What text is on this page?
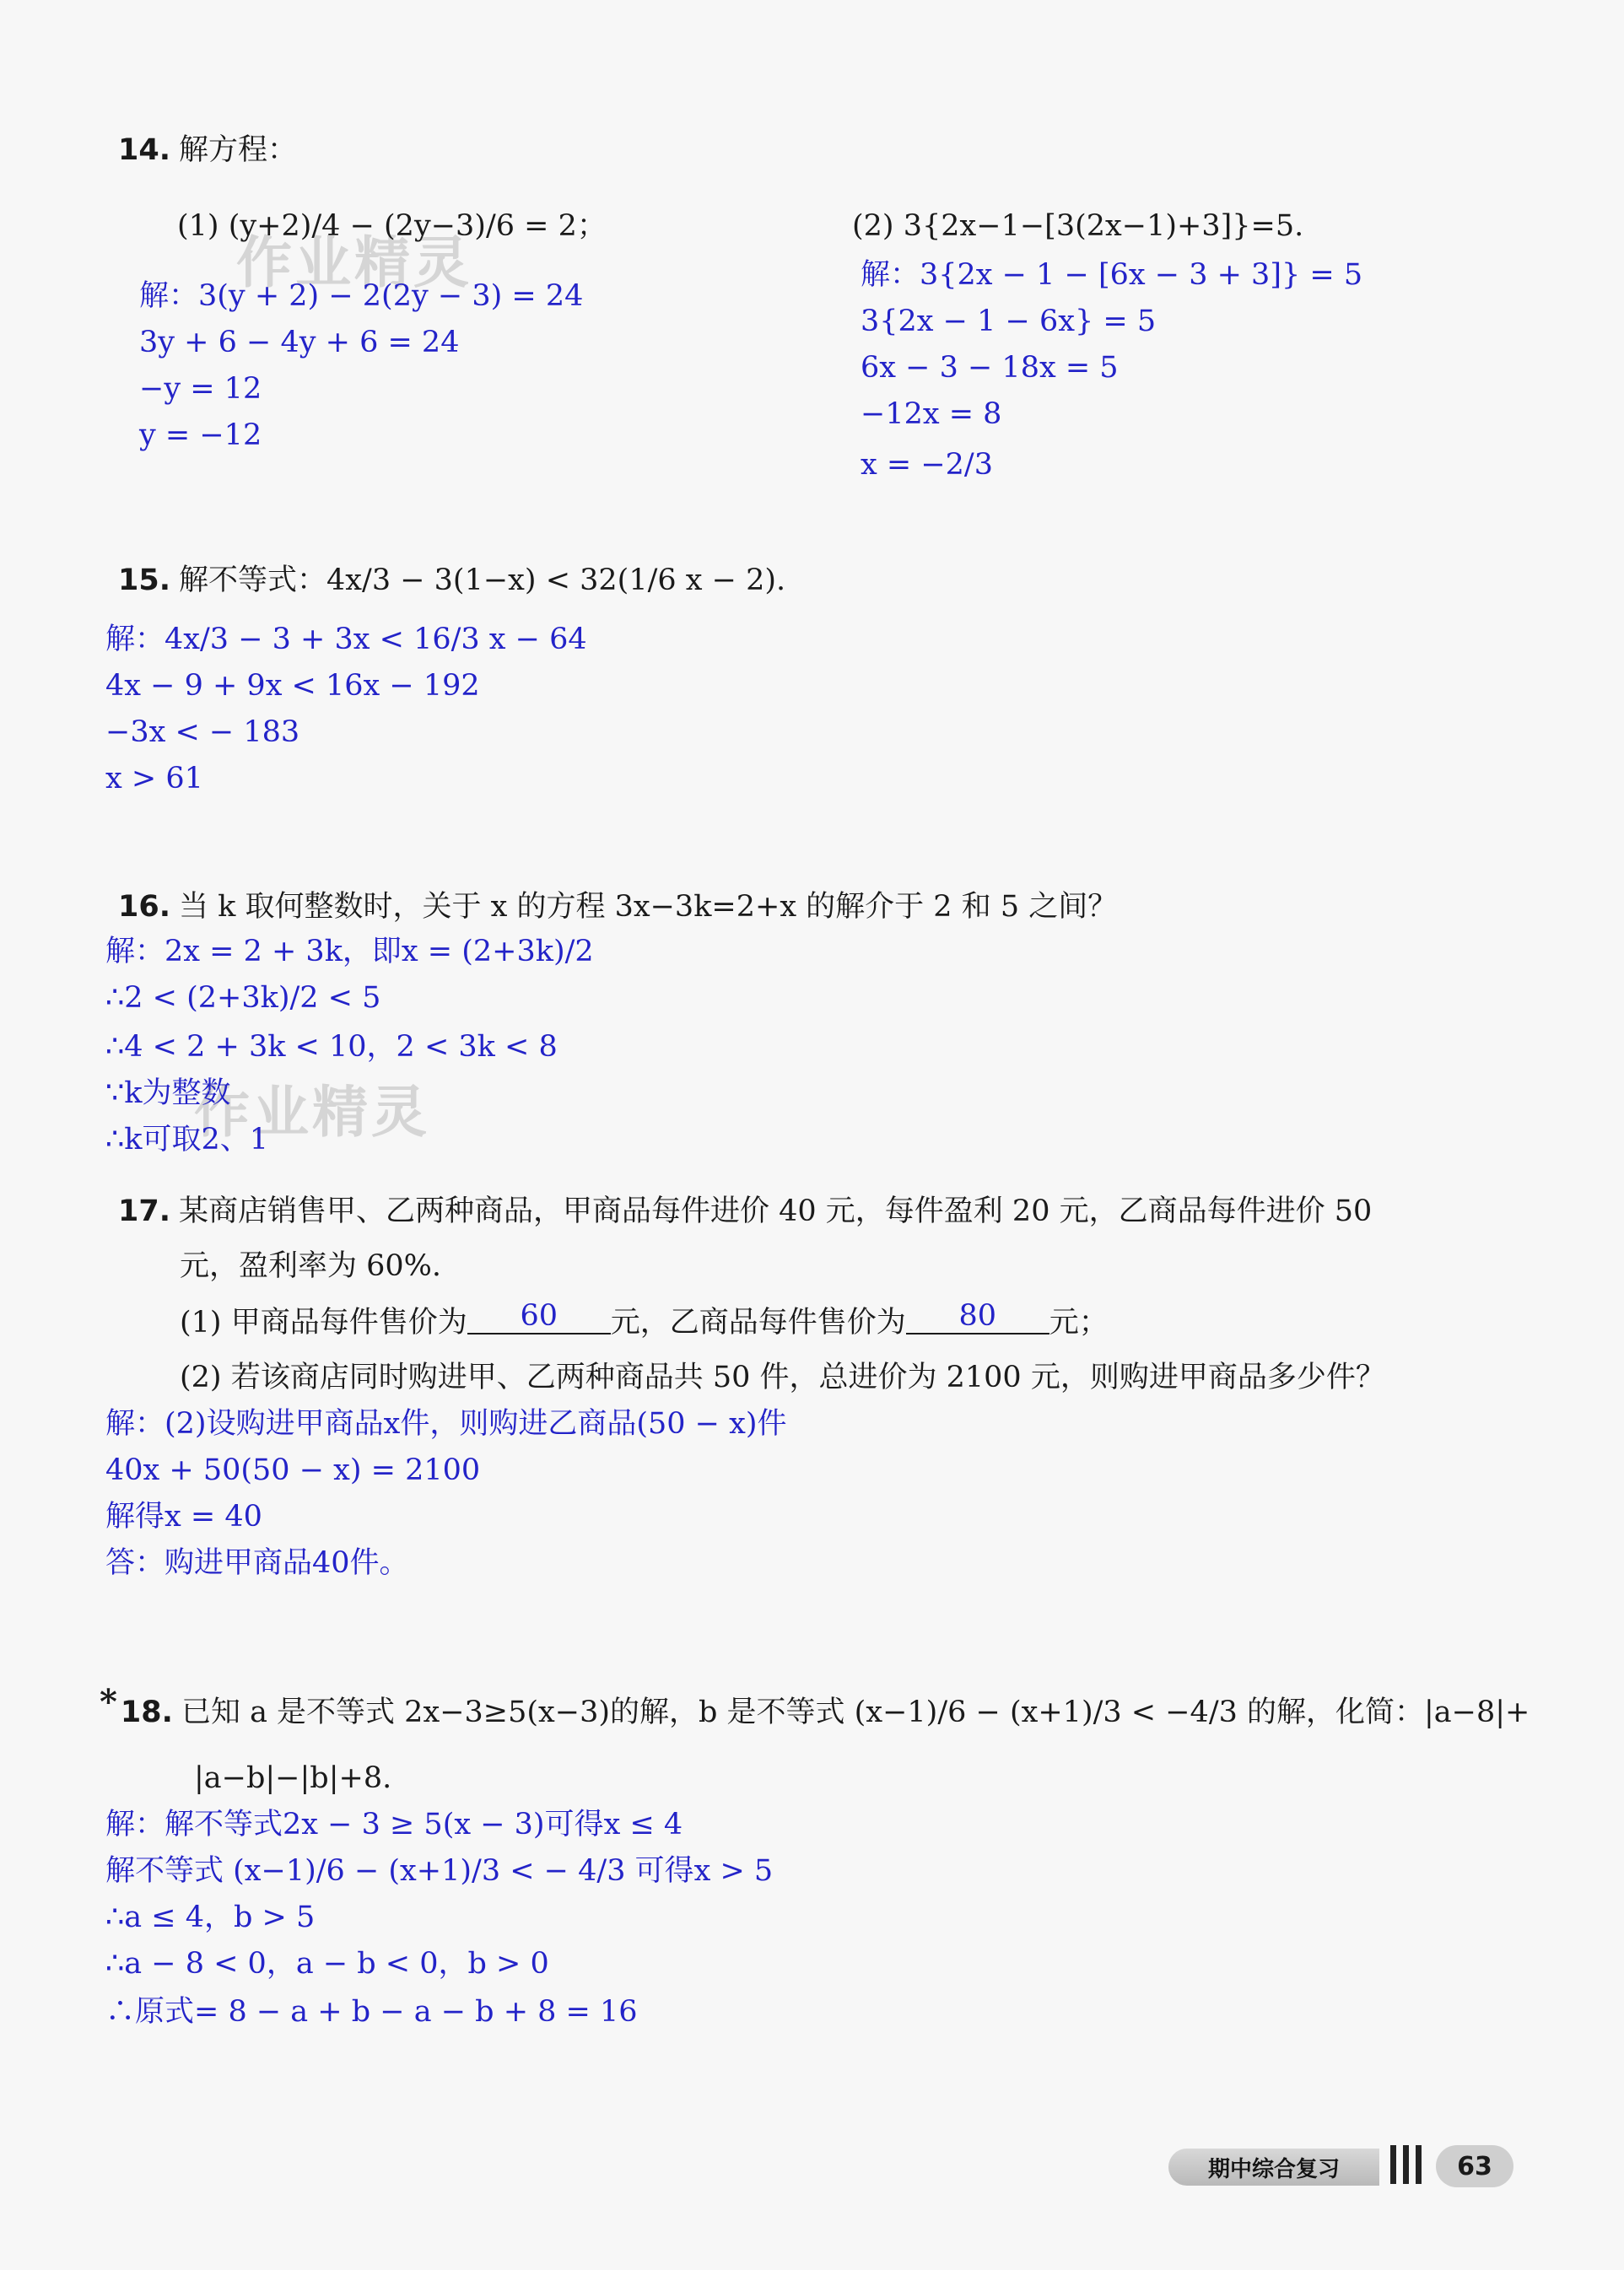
作业精灵
作业精灵
14. 解方程：
(1) (y+2)/4 − (2y−3)/6 = 2；	(2) 3{2x−1−[3(2x−1)+3]}=5.
解：3(y + 2) − 2(2y − 3) = 24
3y + 6 − 4y + 6 = 24
−y = 12
y = −12
解：3{2x − 1 − [6x − 3 + 3]} = 5
3{2x − 1 − 6x} = 5
6x − 3 − 18x = 5
−12x = 8
x = −2/3
15. 解不等式：4x/3 − 3(1−x) < 32(1/6 x − 2).
解：4x/3 − 3 + 3x < 16/3 x − 64
4x − 9 + 9x < 16x − 192
−3x < − 183
x > 61
16. 当 k 取何整数时，关于 x 的方程 3x−3k=2+x 的解介于 2 和 5 之间？
解：2x = 2 + 3k，即x = (2+3k)/2
∴2 < (2+3k)/2 < 5
∴4 < 2 + 3k < 10，2 < 3k < 8
∵k为整数
∴k可取2、1
17. 某商店销售甲、乙两种商品，甲商品每件进价 40 元，每件盈利 20 元，乙商品每件进价 50
元，盈利率为 60%.
(1) 甲商品每件售价为 60 元，乙商品每件售价为 80 元；
(2) 若该商店同时购进甲、乙两种商品共 50 件，总进价为 2100 元，则购进甲商品多少件？
解：(2)设购进甲商品x件，则购进乙商品(50 − x)件
40x + 50(50 − x) = 2100
解得x = 40
答：购进甲商品40件。
* 18. 已知 a 是不等式 2x−3≥5(x−3)的解，b 是不等式 (x−1)/6 − (x+1)/3 < −4/3 的解，化简：|a−8|+
|a−b|−|b|+8.
解：解不等式2x − 3 ≥ 5(x − 3)可得x ≤ 4
解不等式 (x−1)/6 − (x+1)/3 < − 4/3 可得x > 5
∴a ≤ 4，b > 5
∴a − 8 < 0，a − b < 0，b > 0
∴原式= 8 − a + b − a − b + 8 = 16
期中综合复习	63
